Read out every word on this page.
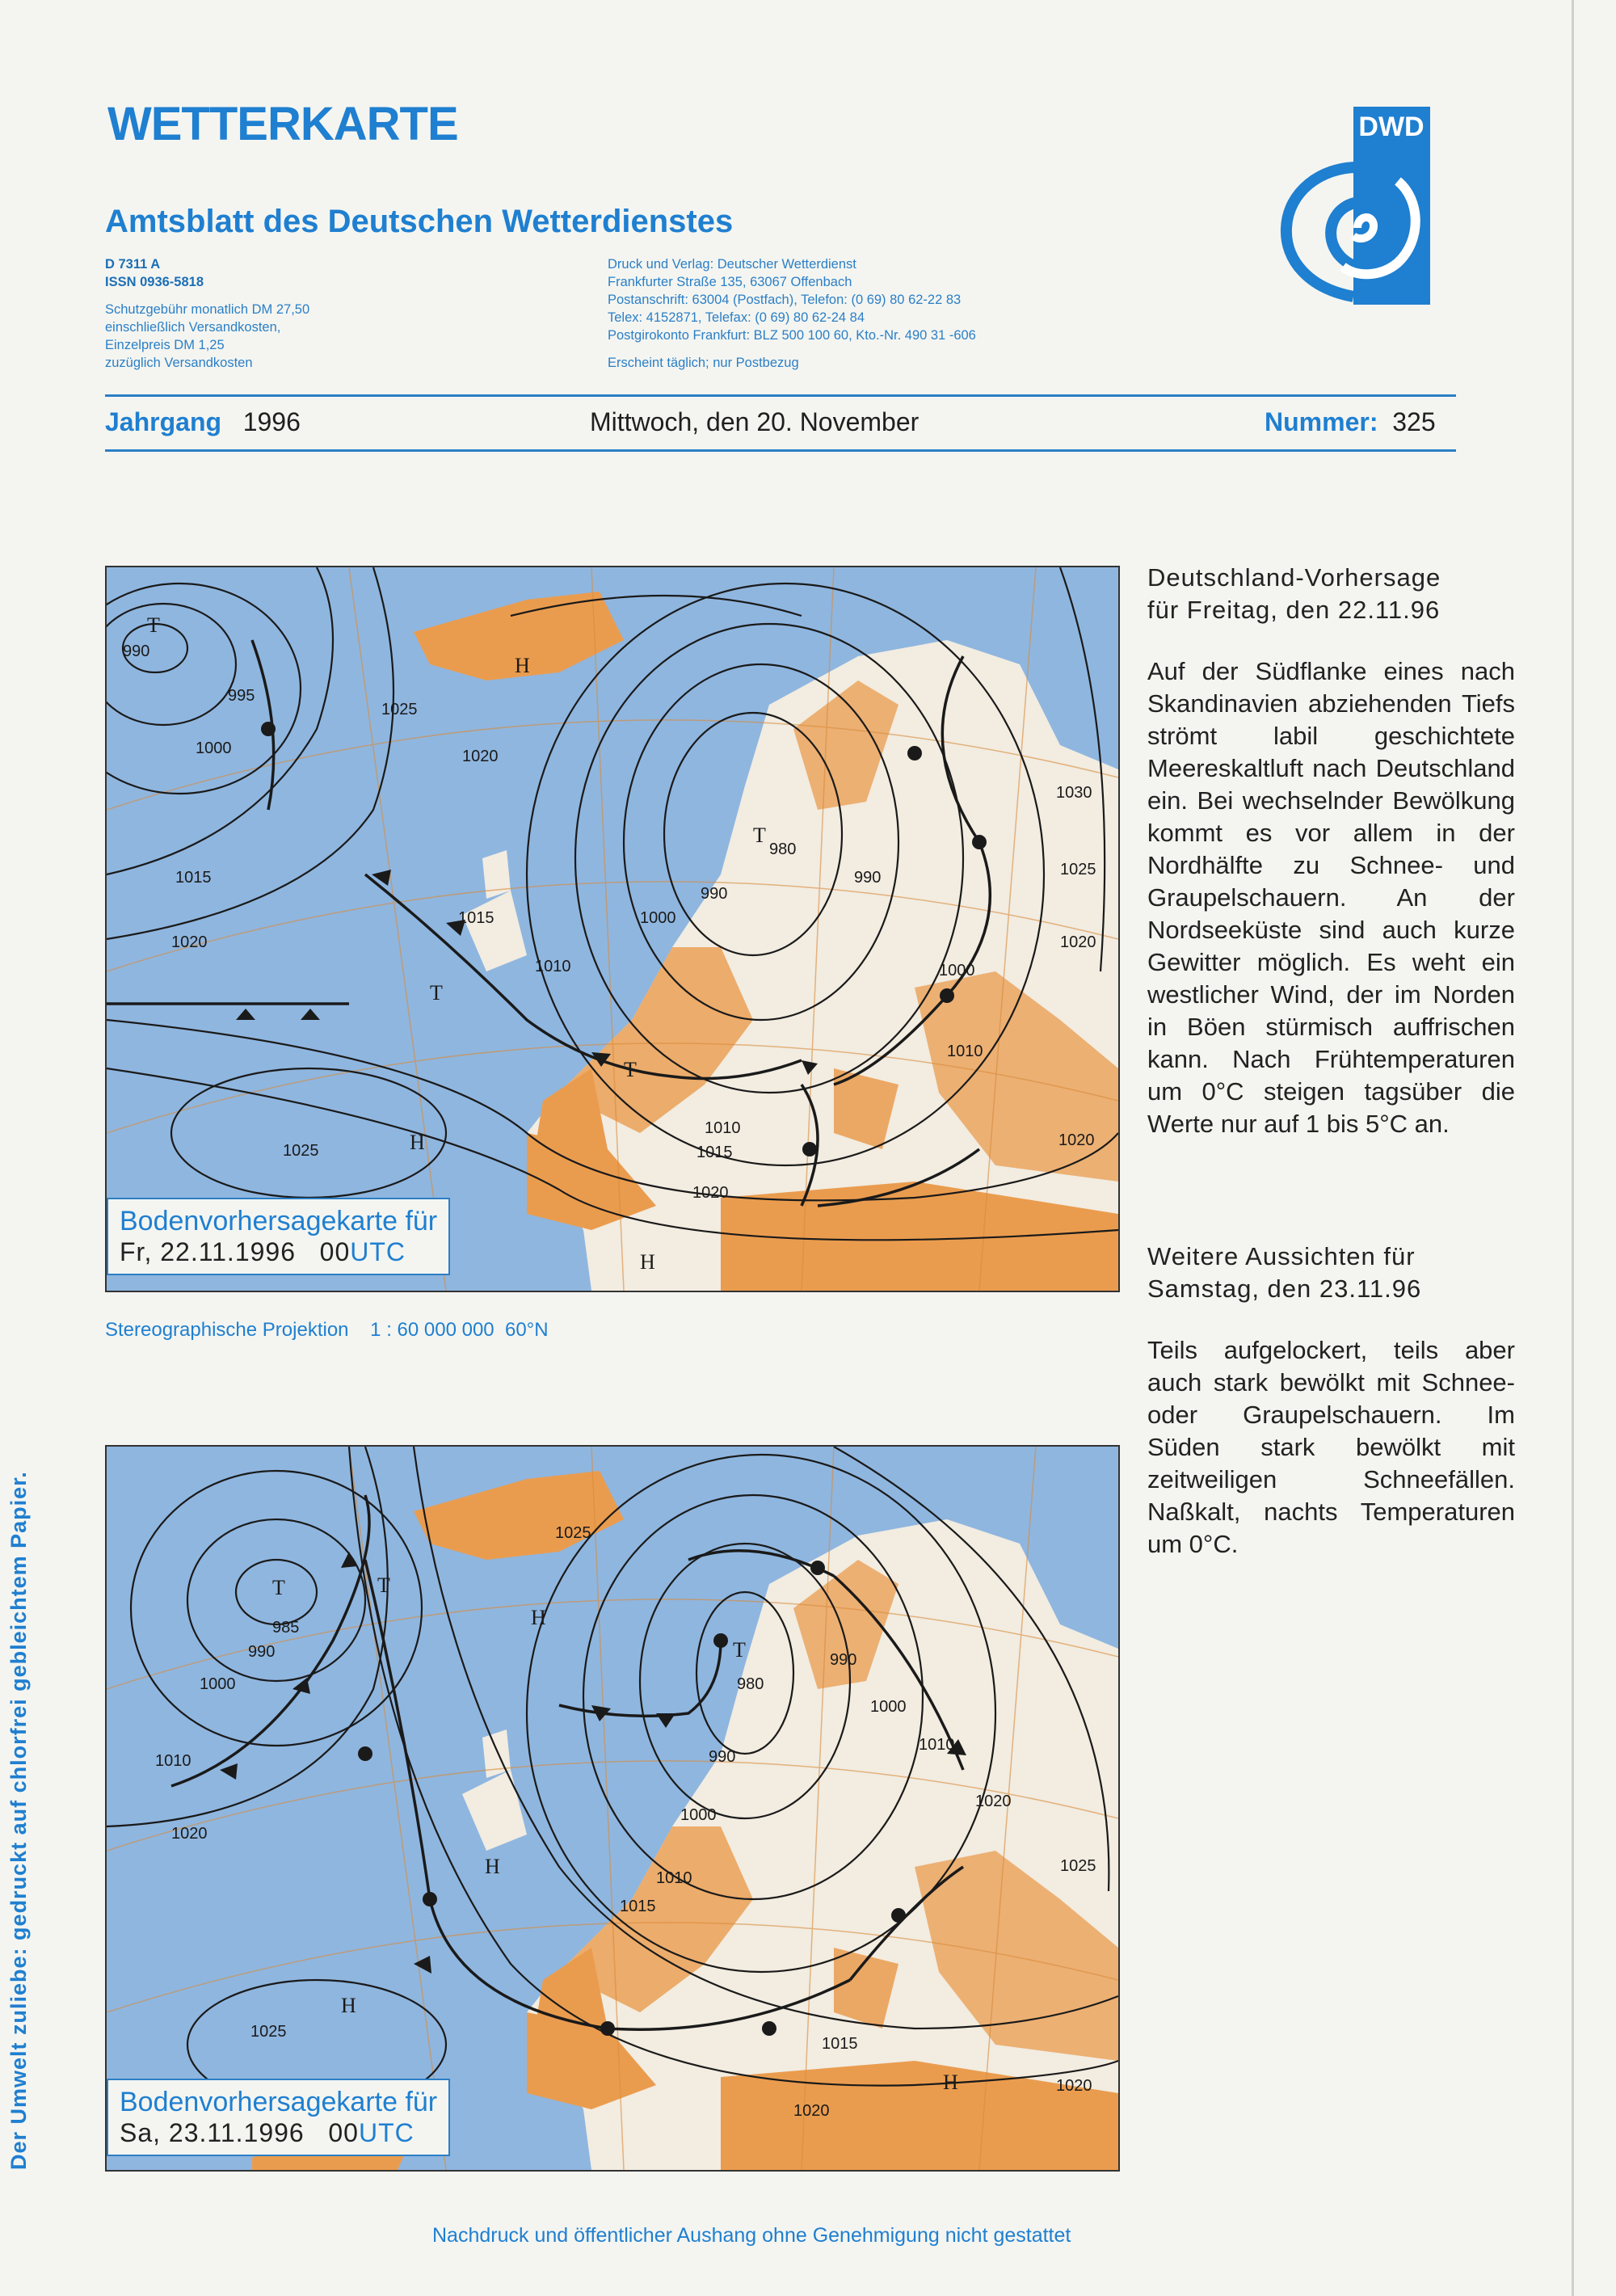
WETTERKARTE
Amtsblatt des Deutschen Wetterdienstes
D 7311 A
ISSN 0936-5818
Schutzgebühr monatlich DM 27,50
einschließlich Versandkosten,
Einzelpreis DM 1,25
zuzüglich Versandkosten
Druck und Verlag: Deutscher Wetterdienst
Frankfurter Straße 135, 63067 Offenbach
Postanschrift: 63004 (Postfach), Telefon: (0 69) 80 62-22 83
Telex: 4152871, Telefax: (0 69) 80 62-24 84
Postgirokonto Frankfurt: BLZ 500 100 60, Kto.-Nr. 490 31 -606
Erscheint täglich; nur Postbezug
DWD
Jahrgang 1996	Mittwoch, den 20. November	Nummer: 325
990
995
1000
1015
1020
1025
1020
1015
1010
1000
990
980
990
1000
1010
1010
1015
1020
1025
1030
1025
1020
1020
H
H
H
T
T
T
T
Bodenvorhersagekarte für
Fr, 22.11.1996 00UTC
Stereographische Projektion    1 : 60 000 000  60°N
985
990
1000
1010
1020
1025
1025
980
990
990
1000
1000
1010
1010
1015
1020
1015
1020
1025
1020
H
H
H
H
T
T
T
Bodenvorhersagekarte für
Sa, 23.11.1996 00UTC
Deutschland-Vorhersage
für Freitag, den 22.11.96

Auf der Südflanke eines nach Skandinavien abziehenden Tiefs strömt labil geschichtete Meereskaltluft nach Deutschland ein. Bei wechselnder Bewölkung kommt es vor allem in der Nordhälfte zu Schnee- und Graupelschauern. An der Nordseeküste sind auch kurze Gewitter möglich. Es weht ein westlicher Wind, der im Norden in Böen stürmisch auffrischen kann. Nach Frühtemperaturen um 0°C steigen tagsüber die Werte nur auf 1 bis 5°C an.

Weitere Aussichten für
Samstag, den 23.11.96

Teils aufgelockert, teils aber auch stark bewölkt mit Schnee- oder Graupelschauern. Im Süden stark bewölkt mit zeitweiligen Schneefällen. Naßkalt, nachts Temperaturen um 0°C.

Nachdruck und öffentlicher Aushang ohne Genehmigung nicht gestattet
Der Umwelt zuliebe: gedruckt auf chlorfrei gebleichtem Papier.
